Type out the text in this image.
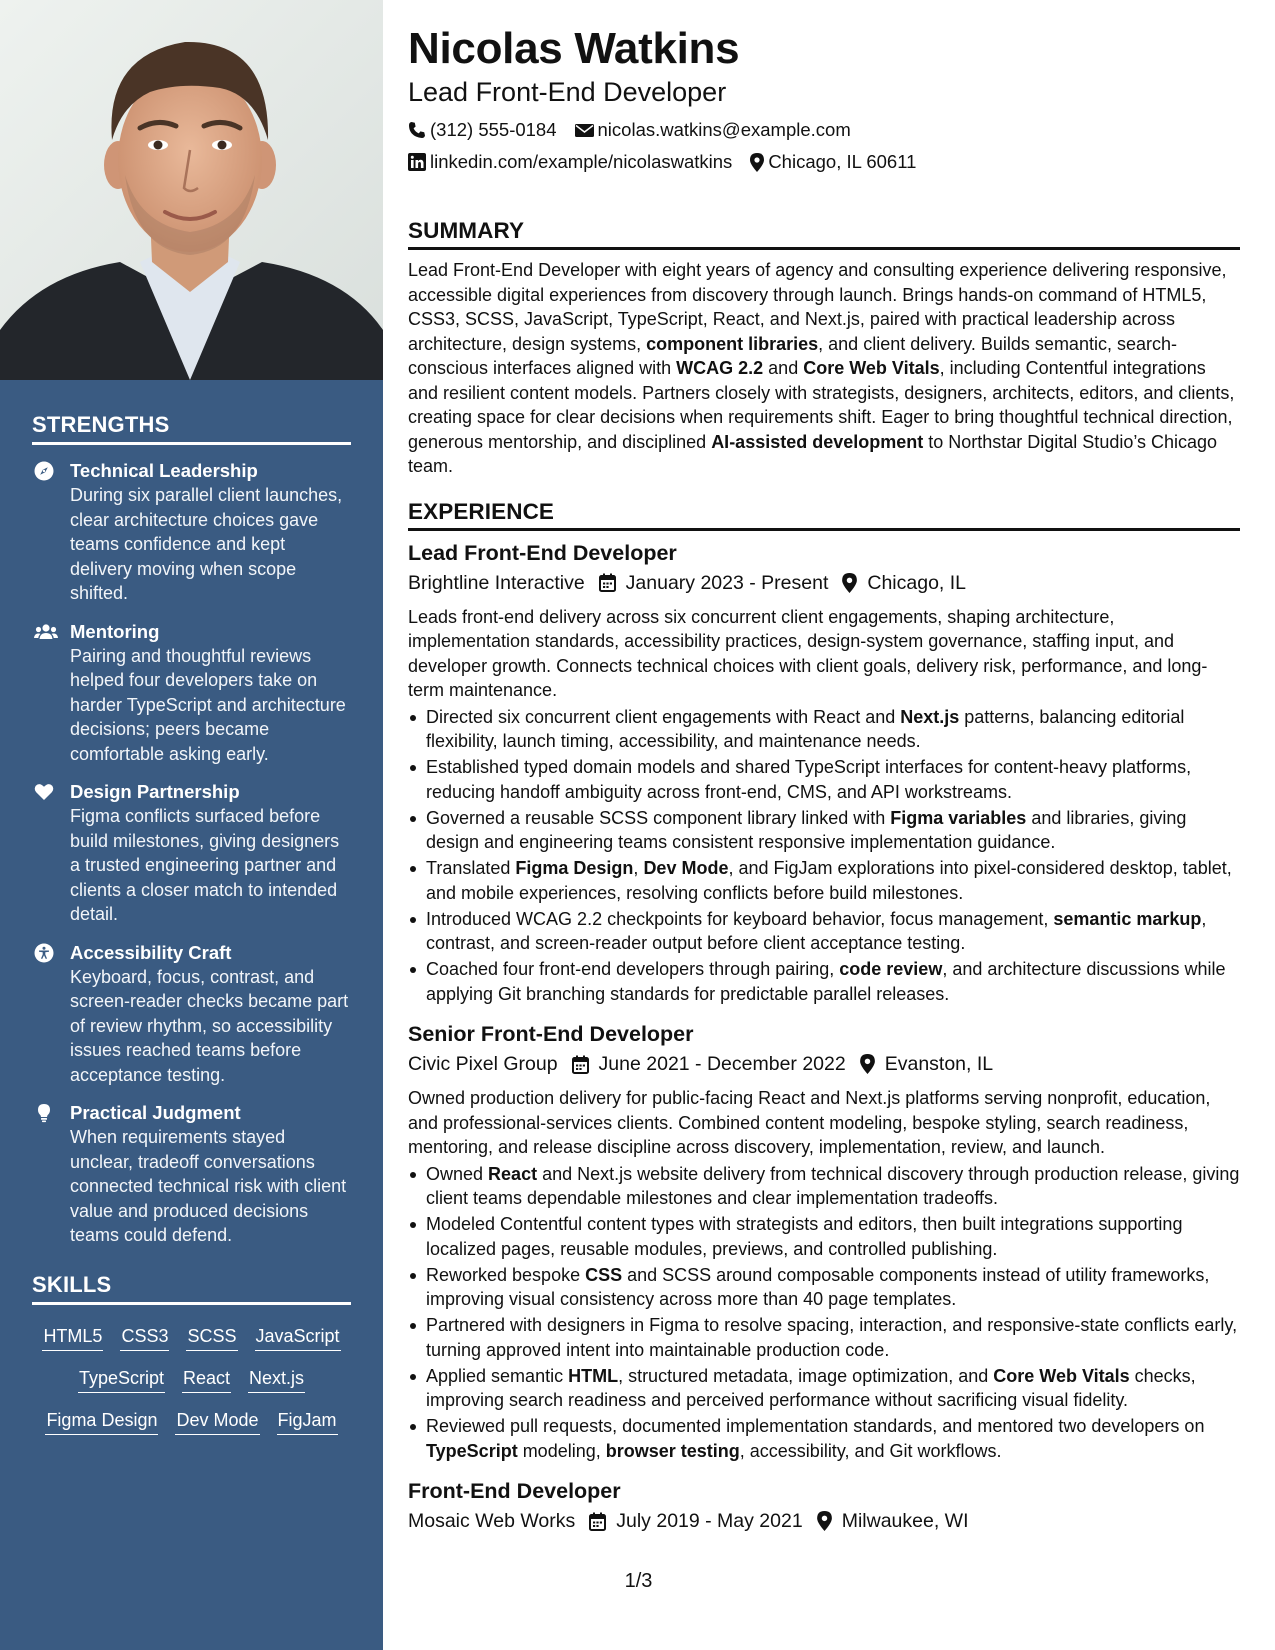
STRENGTHS
Technical Leadership
During six parallel client launches, clear architecture choices gave teams confidence and kept delivery moving when scope shifted.
Mentoring
Pairing and thoughtful reviews helped four developers take on harder TypeScript and architecture decisions; peers became comfortable asking early.
Design Partnership
Figma conflicts surfaced before build milestones, giving designers a trusted engineering partner and clients a closer match to intended detail.
Accessibility Craft
Keyboard, focus, contrast, and screen-reader checks became part of review rhythm, so accessibility issues reached teams before acceptance testing.
Practical Judgment
When requirements stayed unclear, tradeoff conversations connected technical risk with client value and produced decisions teams could defend.
SKILLS
HTML5 CSS3 SCSS JavaScript
TypeScript React Next.js
Figma Design Dev Mode FigJam
Nicolas Watkins
Lead Front-End Developer
(312) 555-0184 nicolas.watkins@example.com
linkedin.com/example/nicolaswatkins Chicago, IL 60611
SUMMARY
Lead Front-End Developer with eight years of agency and consulting experience delivering responsive, accessible digital experiences from discovery through launch. Brings hands-on command of HTML5, CSS3, SCSS, JavaScript, TypeScript, React, and Next.js, paired with practical leadership across architecture, design systems, component libraries, and client delivery. Builds semantic, search-conscious interfaces aligned with WCAG 2.2 and Core Web Vitals, including Contentful integrations and resilient content models. Partners closely with strategists, designers, architects, editors, and clients, creating space for clear decisions when requirements shift. Eager to bring thoughtful technical direction, generous mentorship, and disciplined AI-assisted development to Northstar Digital Studio’s Chicago team.
EXPERIENCE
Lead Front-End Developer
Brightline Interactive January 2023 - Present Chicago, IL
Leads front-end delivery across six concurrent client engagements, shaping architecture, implementation standards, accessibility practices, design-system governance, staffing input, and developer growth. Connects technical choices with client goals, delivery risk, performance, and long-term maintenance.
Directed six concurrent client engagements with React and Next.js patterns, balancing editorial flexibility, launch timing, accessibility, and maintenance needs.
Established typed domain models and shared TypeScript interfaces for content-heavy platforms, reducing handoff ambiguity across front-end, CMS, and API workstreams.
Governed a reusable SCSS component library linked with Figma variables and libraries, giving design and engineering teams consistent responsive implementation guidance.
Translated Figma Design, Dev Mode, and FigJam explorations into pixel-considered desktop, tablet, and mobile experiences, resolving conflicts before build milestones.
Introduced WCAG 2.2 checkpoints for keyboard behavior, focus management, semantic markup, contrast, and screen-reader output before client acceptance testing.
Coached four front-end developers through pairing, code review, and architecture discussions while applying Git branching standards for predictable parallel releases.
Senior Front-End Developer
Civic Pixel Group June 2021 - December 2022 Evanston, IL
Owned production delivery for public-facing React and Next.js platforms serving nonprofit, education, and professional-services clients. Combined content modeling, bespoke styling, search readiness, mentoring, and release discipline across discovery, implementation, review, and launch.
Owned React and Next.js website delivery from technical discovery through production release, giving client teams dependable milestones and clear implementation tradeoffs.
Modeled Contentful content types with strategists and editors, then built integrations supporting localized pages, reusable modules, previews, and controlled publishing.
Reworked bespoke CSS and SCSS around composable components instead of utility frameworks, improving visual consistency across more than 40 page templates.
Partnered with designers in Figma to resolve spacing, interaction, and responsive-state conflicts early, turning approved intent into maintainable production code.
Applied semantic HTML, structured metadata, image optimization, and Core Web Vitals checks, improving search readiness and perceived performance without sacrificing visual fidelity.
Reviewed pull requests, documented implementation standards, and mentored two developers on TypeScript modeling, browser testing, accessibility, and Git workflows.
Front-End Developer
Mosaic Web Works July 2019 - May 2021 Milwaukee, WI
1/3
